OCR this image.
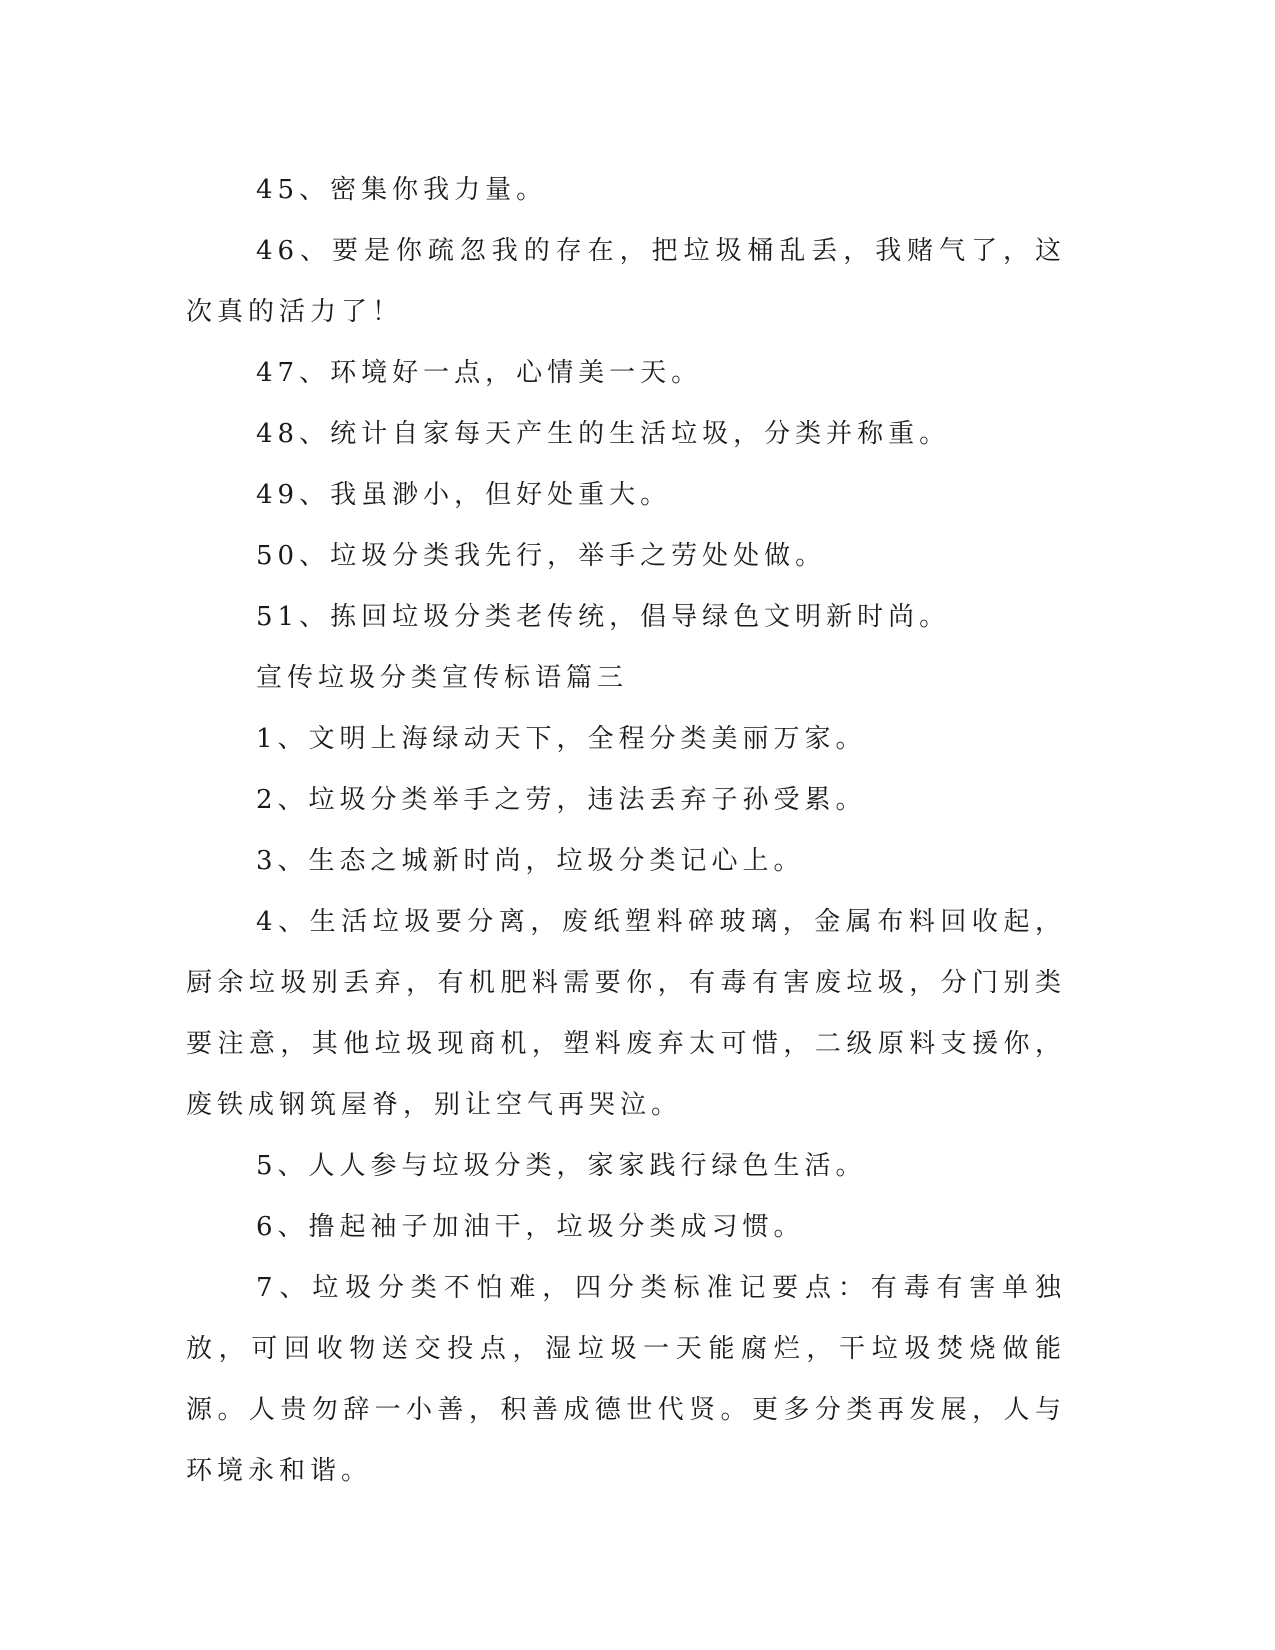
45、密集你我力量。

46、要是你疏忽我的存在，把垃圾桶乱丢，我赌气了，这次真的活力了！

47、环境好一点，心情美一天。

48、统计自家每天产生的生活垃圾，分类并称重。

49、我虽渺小，但好处重大。

50、垃圾分类我先行，举手之劳处处做。

51、拣回垃圾分类老传统，倡导绿色文明新时尚。

宣传垃圾分类宣传标语篇三

1、文明上海绿动天下，全程分类美丽万家。

2、垃圾分类举手之劳，违法丢弃子孙受累。

3、生态之城新时尚，垃圾分类记心上。

4、生活垃圾要分离，废纸塑料碎玻璃，金属布料回收起，厨余垃圾别丢弃，有机肥料需要你，有毒有害废垃圾，分门别类要注意，其他垃圾现商机，塑料废弃太可惜，二级原料支援你，废铁成钢筑屋脊，别让空气再哭泣。

5、人人参与垃圾分类，家家践行绿色生活。

6、撸起袖子加油干，垃圾分类成习惯。

7、垃圾分类不怕难，四分类标准记要点：有毒有害单独放，可回收物送交投点，湿垃圾一天能腐烂，干垃圾焚烧做能源。人贵勿辞一小善，积善成德世代贤。更多分类再发展，人与环境永和谐。
